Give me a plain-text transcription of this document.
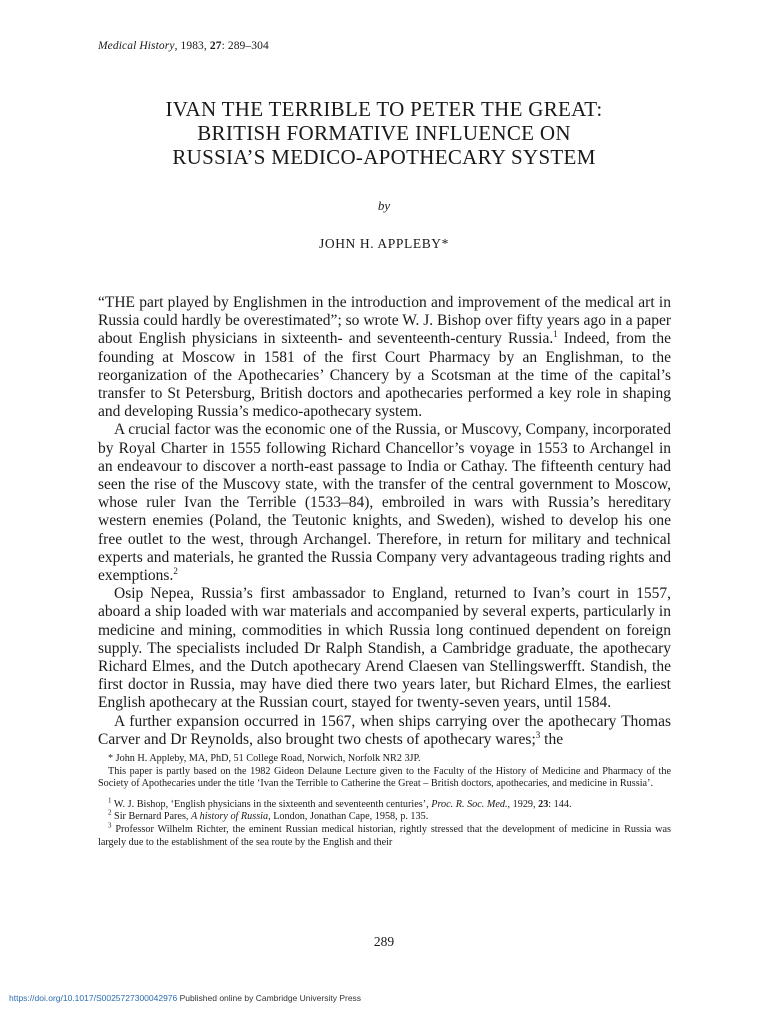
Medical History, 1983, 27: 289–304
IVAN THE TERRIBLE TO PETER THE GREAT:
BRITISH FORMATIVE INFLUENCE ON
RUSSIA’S MEDICO-APOTHECARY SYSTEM
by
JOHN H. APPLEBY*

“THE part played by Englishmen in the introduction and improvement of the medical art in Russia could hardly be overestimated”; so wrote W. J. Bishop over fifty years ago in a paper about English physicians in sixteenth- and seventeenth-century Russia.$^1$ Indeed, from the founding at Moscow in 1581 of the first Court Pharmacy by an Englishman, to the reorganization of the Apothecaries’ Chancery by a Scotsman at the time of the capital’s transfer to St Petersburg, British doctors and apothecaries performed a key role in shaping and developing Russia’s medico-apothecary system.

A crucial factor was the economic one of the Russia, or Muscovy, Company, incorporated by Royal Charter in 1555 following Richard Chancellor’s voyage in 1553 to Archangel in an endeavour to discover a north-east passage to India or Cathay. The fifteenth century had seen the rise of the Muscovy state, with the transfer of the central government to Moscow, whose ruler Ivan the Terrible (1533–84), embroiled in wars with Russia’s hereditary western enemies (Poland, the Teutonic knights, and Sweden), wished to develop his one free outlet to the west, through Archangel. Therefore, in return for military and technical experts and materials, he granted the Russia Company very advantageous trading rights and exemptions.$^2$

Osip Nepea, Russia’s first ambassador to England, returned to Ivan’s court in 1557, aboard a ship loaded with war materials and accompanied by several experts, particularly in medicine and mining, commodities in which Russia long continued dependent on foreign supply. The specialists included Dr Ralph Standish, a Cambridge graduate, the apothecary Richard Elmes, and the Dutch apothecary Arend Claesen van Stellingswerfft. Standish, the first doctor in Russia, may have died there two years later, but Richard Elmes, the earliest English apothecary at the Russian court, stayed for twenty-seven years, until 1584.

A further expansion occurred in 1567, when ships carrying over the apothecary Thomas Carver and Dr Reynolds, also brought two chests of apothecary wares;$^3$ the

* John H. Appleby, MA, PhD, 51 College Road, Norwich, Norfolk NR2 3JP.

This paper is partly based on the 1982 Gideon Delaune Lecture given to the Faculty of the History of Medicine and Pharmacy of the Society of Apothecaries under the title ‘Ivan the Terrible to Catherine the Great – British doctors, apothecaries, and medicine in Russia’.

$^1$ W. J. Bishop, ‘English physicians in the sixteenth and seventeenth centuries’, Proc. R. Soc. Med., 1929, 23: 144.

$^2$ Sir Bernard Pares, A history of Russia, London, Jonathan Cape, 1958, p. 135.

$^3$ Professor Wilhelm Richter, the eminent Russian medical historian, rightly stressed that the development of medicine in Russia was largely due to the establishment of the sea route by the English and their

289
https://doi.org/10.1017/S0025727300042976 Published online by Cambridge University Press
